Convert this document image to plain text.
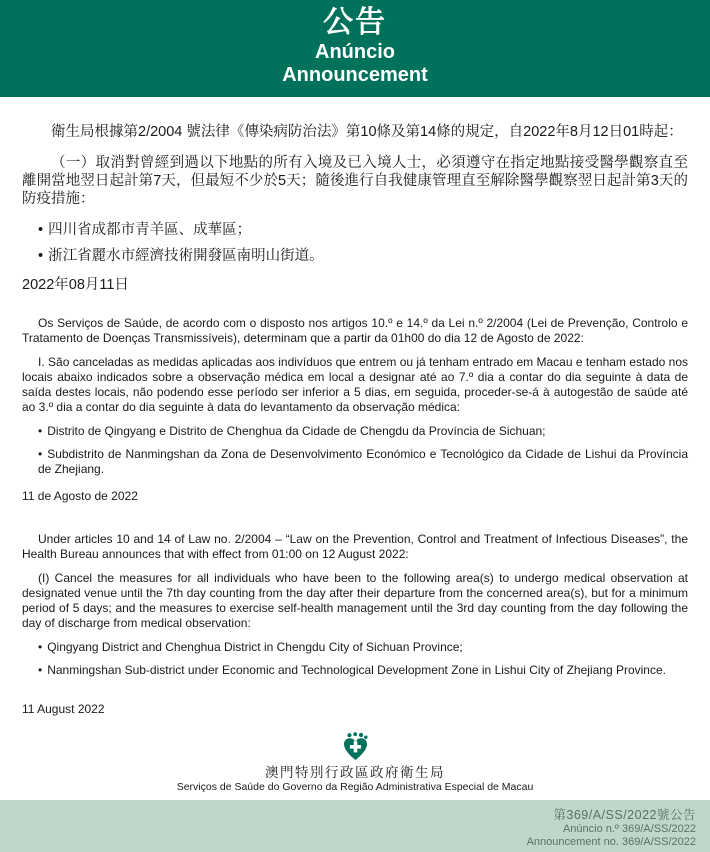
公告
Anúncio
Announcement

衛生局根據第2/2004 號法律《傳染病防治法》第10條及第14條的規定，自2022年8月12日01時起：

（一）取消對曾經到過以下地點的所有入境及已入境人士，必須遵守在指定地點接受醫學觀察直至離開當地翌日起計第7天，但最短不少於5天；隨後進行自我健康管理直至解除醫學觀察翌日起計第3天的防疫措施：

• 四川省成都市青羊區、成華區；

• 浙江省麗水市經濟技術開發區南明山街道。

2022年08月11日

Os Serviços de Saúde, de acordo com o disposto nos artigos 10.º e 14.º da Lei n.º 2/2004 (Lei de Prevenção, Controlo e Tratamento de Doenças Transmissíveis), determinam que a partir da 01h00 do dia 12 de Agosto de 2022:

I. São canceladas as medidas aplicadas aos indivíduos que entrem ou já tenham entrado em Macau e tenham estado nos locais abaixo indicados sobre a observação médica em local a designar até ao 7.º dia a contar do dia seguinte à data de saída destes locais, não podendo esse período ser inferior a 5 dias, em seguida, proceder-se-á à autogestão de saúde até ao 3.º dia a contar do dia seguinte à data do levantamento da observação médica:

• Distrito de Qingyang e Distrito de Chenghua da Cidade de Chengdu da Província de Sichuan;

• Subdistrito de Nanmingshan da Zona de Desenvolvimento Económico e Tecnológico da Cidade de Lishui da Província de Zhejiang.

11 de Agosto de 2022

Under articles 10 and 14 of Law no. 2/2004 – “Law on the Prevention, Control and Treatment of Infectious Diseases”, the Health Bureau announces that with effect from 01:00 on 12 August 2022:

(I) Cancel the measures for all individuals who have been to the following area(s) to undergo medical observation at designated venue until the 7th day counting from the day after their departure from the concerned area(s), but for a minimum period of 5 days; and the measures to exercise self-health management until the 3rd day counting from the day following the day of discharge from medical observation:

• Qingyang District and Chenghua District in Chengdu City of Sichuan Province;

• Nanmingshan Sub-district under Economic and Technological Development Zone in Lishui City of Zhejiang Province.

11 August 2022

澳門特別行政區政府衛生局
Serviços de Saúde do Governo da Região Administrativa Especial de Macau
第369/A/SS/2022號公告
Anúncio n.º 369/A/SS/2022
Announcement no. 369/A/SS/2022
